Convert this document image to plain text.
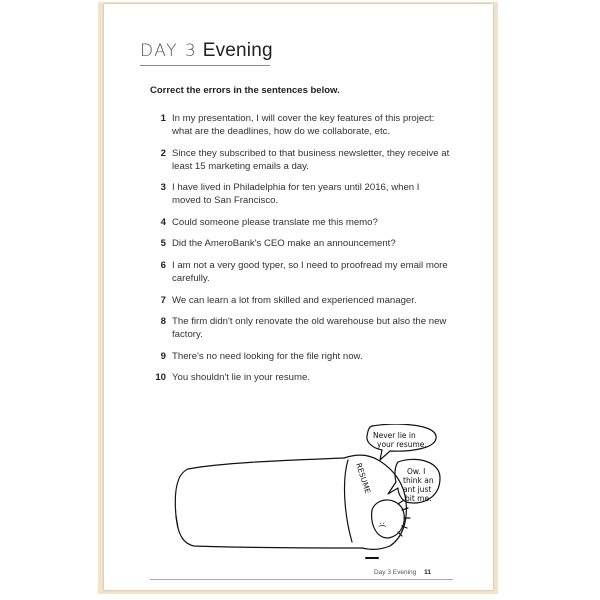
DAY 3 Evening
Correct the errors in the sentences below.
1 In my presentation, I will cover the key features of this project: what are the deadlines, how do we collaborate, etc.
2 Since they subscribed to that business newsletter, they receive at least 15 marketing emails a day.
3 I have lived in Philadelphia for ten years until 2016, when I moved to San Francisco.
4 Could someone please translate me this memo?
5 Did the AmeroBank's CEO make an announcement?
6 I am not a very good typer, so I need to proofread my email more carefully.
7 We can learn a lot from skilled and experienced manager.
8 The firm didn't only renovate the old warehouse but also the new factory.
9 There's no need looking for the file right now.
10 You shouldn't lie in your resume.
Never lie in
your resume.
Ow. I
think an
ant just
bit me.
RESUME
:(
Day 3 Evening 11
